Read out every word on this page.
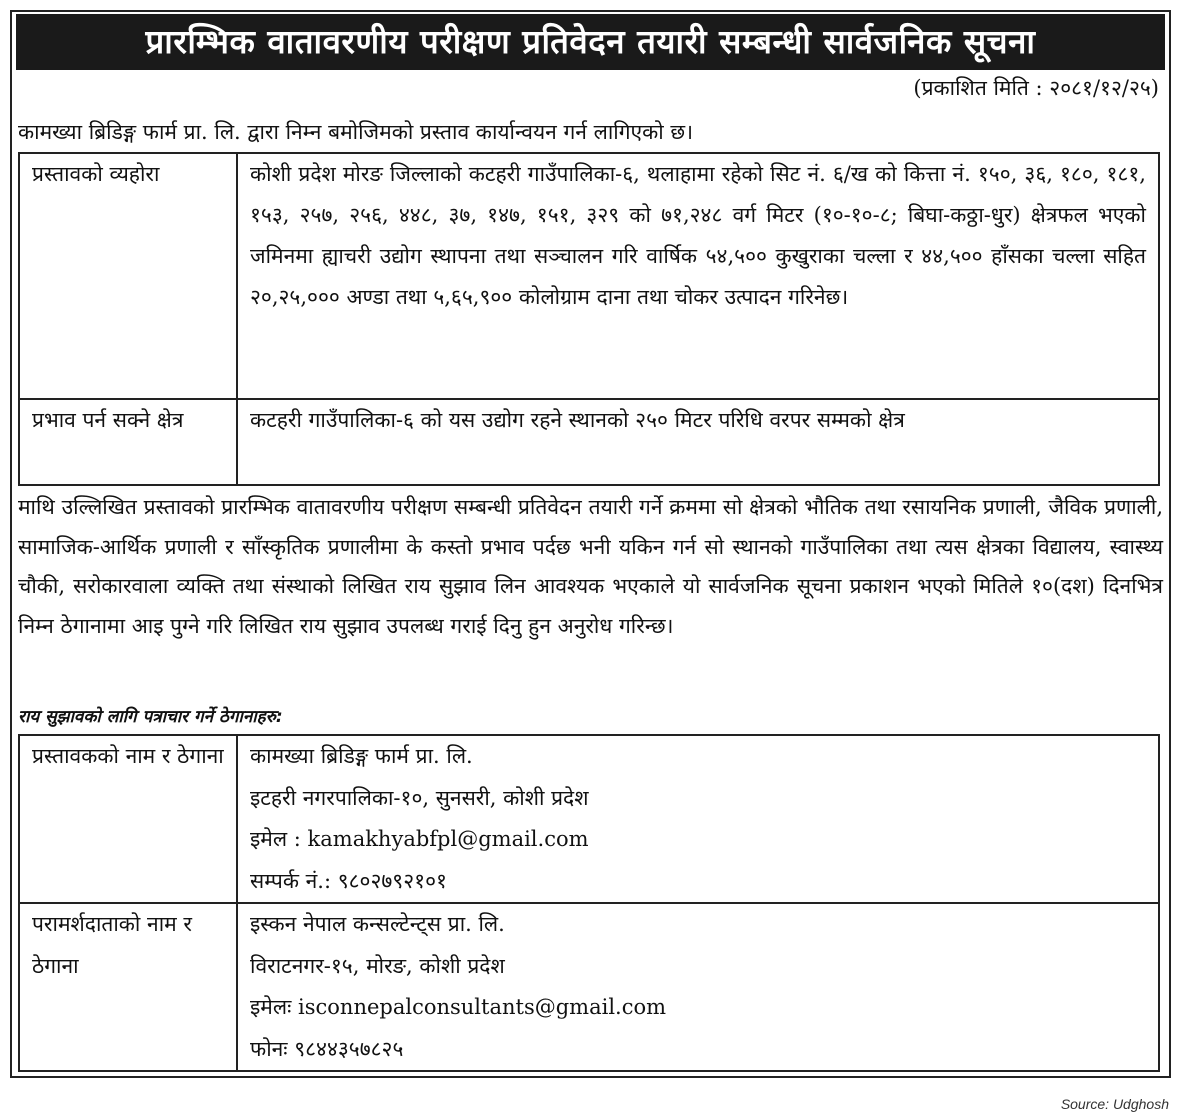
प्रारम्भिक वातावरणीय परीक्षण प्रतिवेदन तयारी सम्बन्धी सार्वजनिक सूचना
(प्रकाशित मिति : २०८१/१२/२५)
कामख्या ब्रिडिङ्ग फार्म प्रा. लि. द्वारा निम्न बमोजिमको प्रस्ताव कार्यान्वयन गर्न लागिएको छ।
प्रस्तावको व्यहोरा	कोशी प्रदेश मोरङ जिल्लाको कटहरी गाउँपालिका-६, थलाहामा रहेको सिट नं. ६/ख को कित्ता नं. १५०, ३६, १८०, १८१, १५३, २५७, २५६, ४४८, ३७, १४७, १५१, ३२९ को ७१,२४८ वर्ग मिटर (१०-१०-८; बिघा-कठ्ठा-धुर) क्षेत्रफल भएको जमिनमा ह्याचरी उद्योग स्थापना तथा सञ्चालन गरि वार्षिक ५४,५०० कुखुराका चल्ला र ४४,५०० हाँसका चल्ला सहित २०,२५,००० अण्डा तथा ५,६५,९०० कोलोग्राम दाना तथा चोकर उत्पादन गरिनेछ।
प्रभाव पर्न सक्ने क्षेत्र	कटहरी गाउँपालिका-६ को यस उद्योग रहने स्थानको २५० मिटर परिधि वरपर सम्मको क्षेत्र
माथि उल्लिखित प्रस्तावको प्रारम्भिक वातावरणीय परीक्षण सम्बन्धी प्रतिवेदन तयारी गर्ने क्रममा सो क्षेत्रको भौतिक तथा रसायनिक प्रणाली, जैविक प्रणाली, सामाजिक-आर्थिक प्रणाली र साँस्कृतिक प्रणालीमा के कस्तो प्रभाव पर्दछ भनी यकिन गर्न सो स्थानको गाउँपालिका तथा त्यस क्षेत्रका विद्यालय, स्वास्थ्य चौकी, सरोकारवाला व्यक्ति तथा संस्थाको लिखित राय सुझाव लिन आवश्यक भएकाले यो सार्वजनिक सूचना प्रकाशन भएको मितिले १०(दश) दिनभित्र निम्न ठेगानामा आइ पुग्ने गरि लिखित राय सुझाव उपलब्ध गराई दिनु हुन अनुरोध गरिन्छ।
राय सुझावको लागि पत्राचार गर्ने ठेगानाहरु:
प्रस्तावकको नाम र ठेगाना	कामख्या ब्रिडिङ्ग फार्म प्रा. लि.
इटहरी नगरपालिका-१०, सुनसरी, कोशी प्रदेश
इमेल : kamakhyabfpl@gmail.com
सम्पर्क नं.: ९८०२७९२१०१

परामर्शदाताको नाम र ठेगाना	इस्कन नेपाल कन्सल्टेन्ट्स प्रा. लि.
विराटनगर-१५, मोरङ, कोशी प्रदेश
इमेलः isconnepalconsultants@gmail.com
फोनः ९८४४३५७८२५
Source: Udghosh
